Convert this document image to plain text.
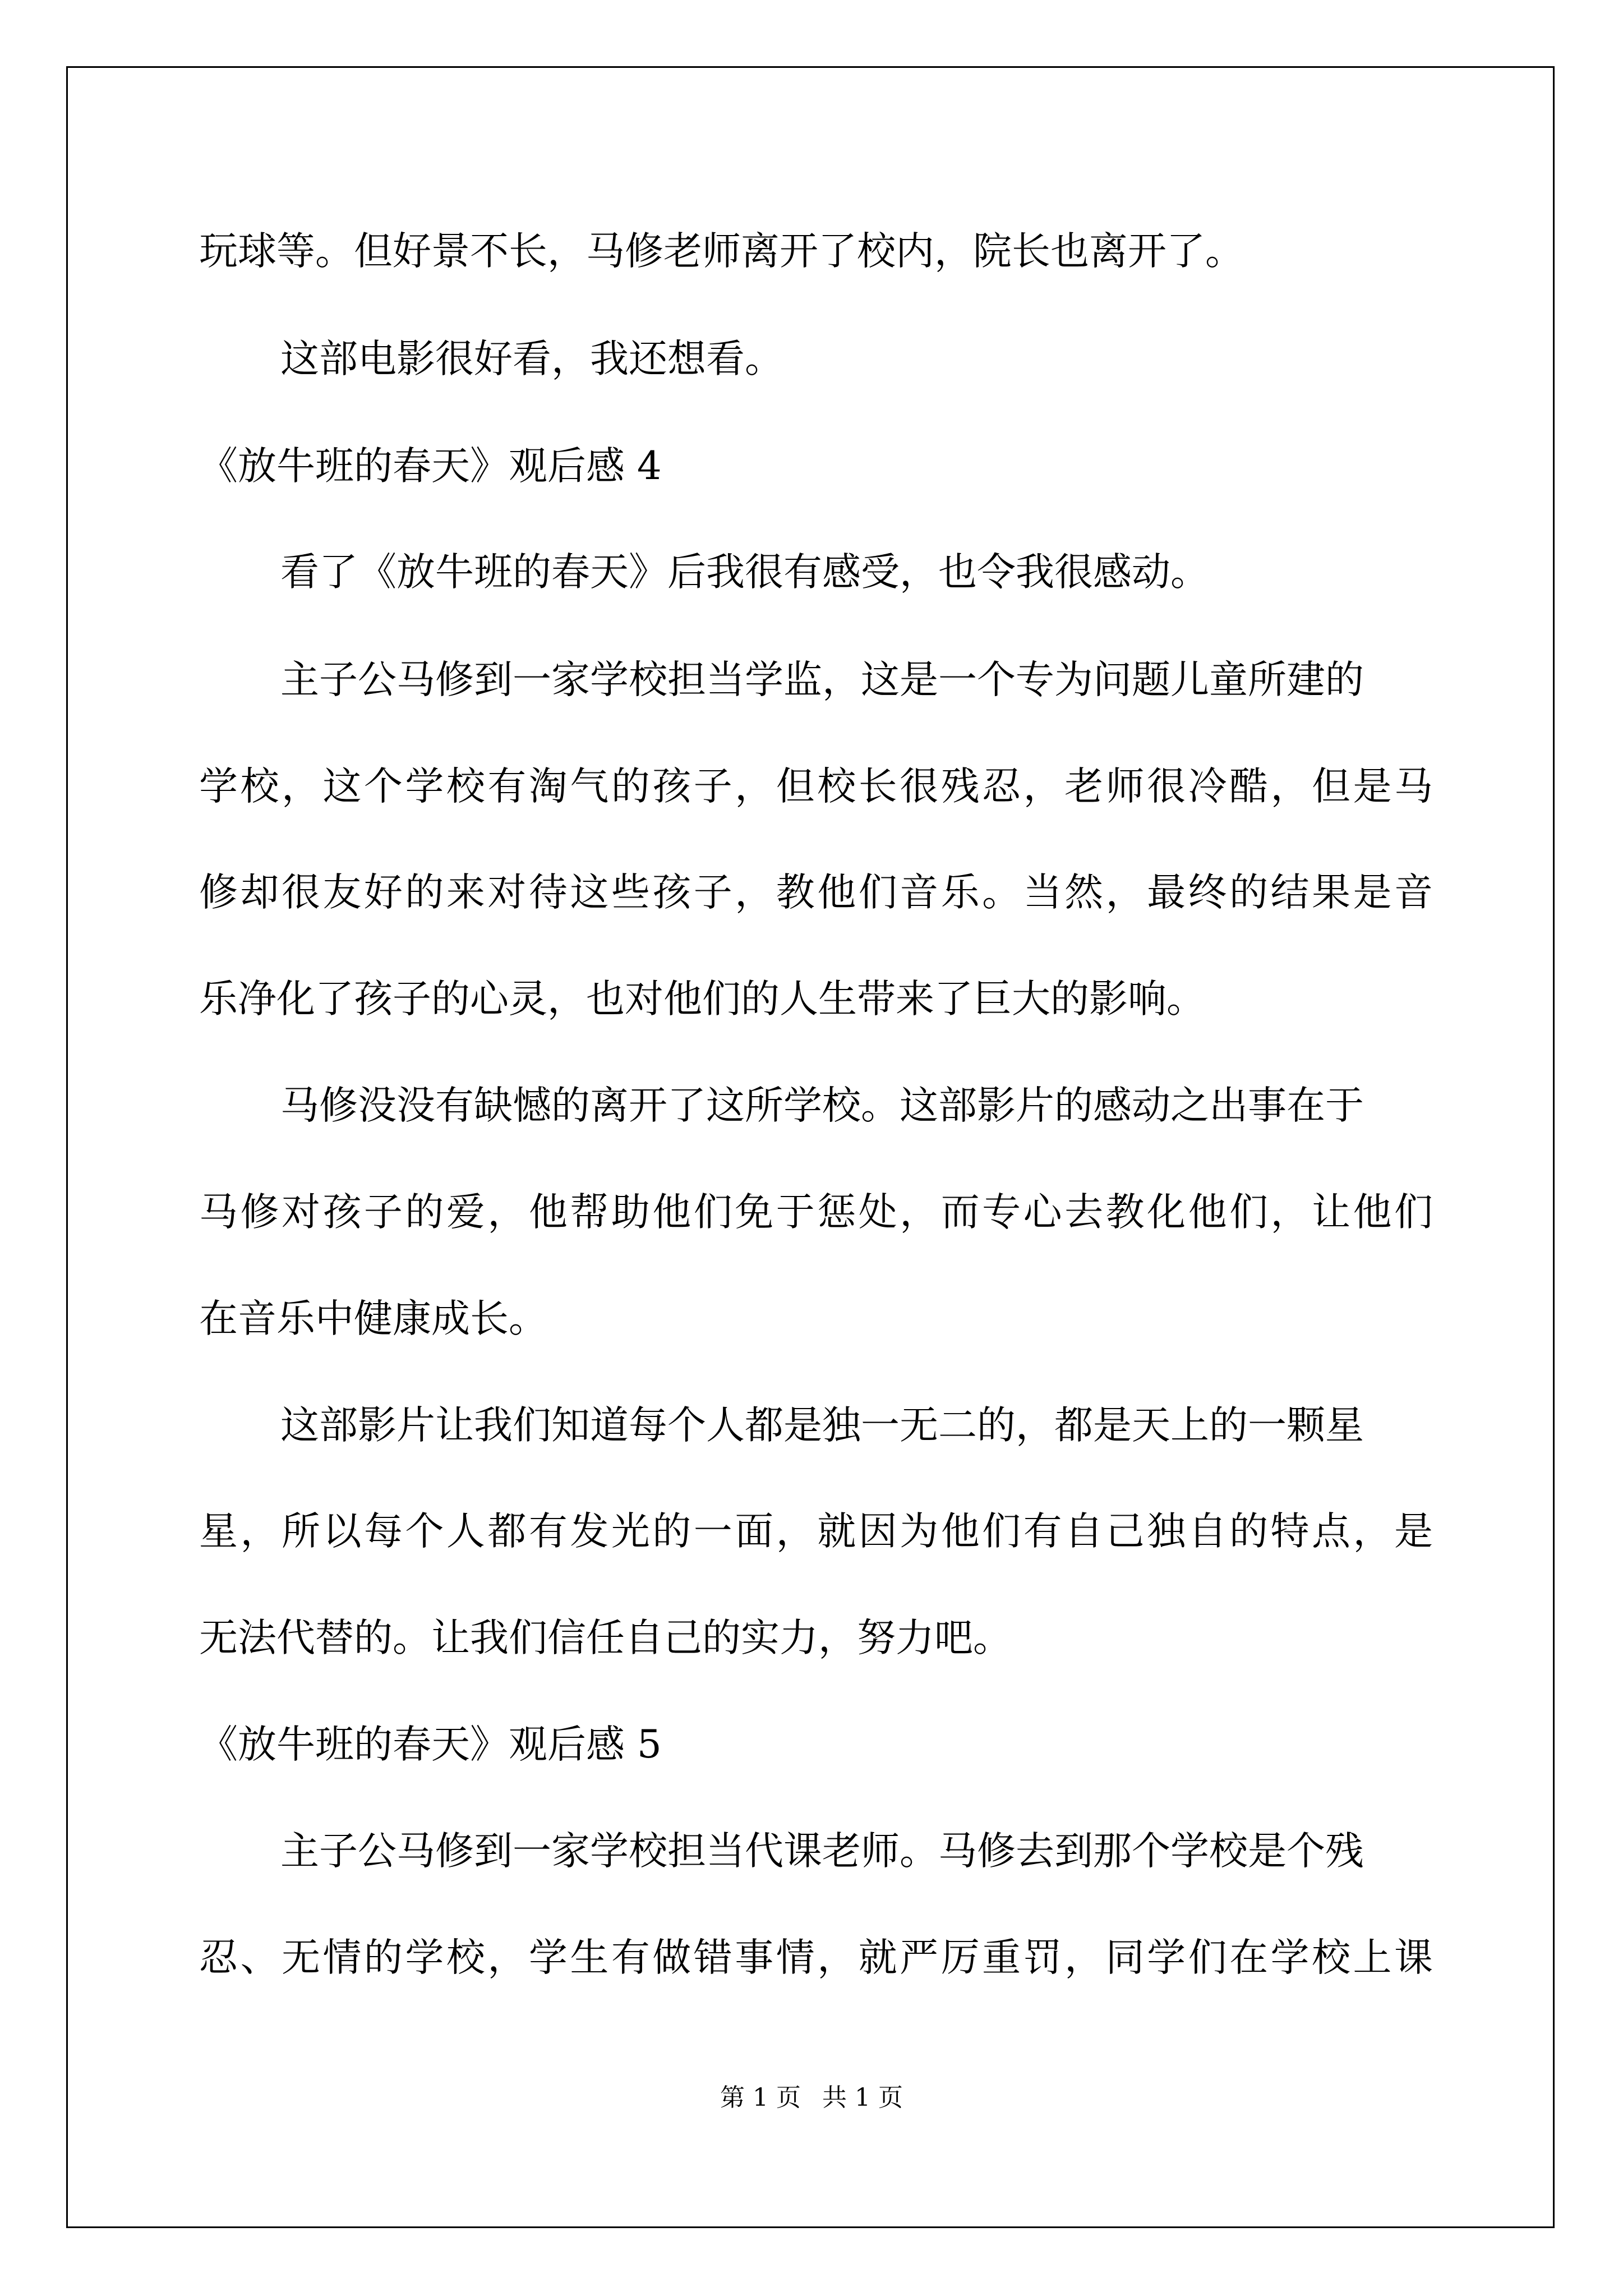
玩球等。但好景不长，马修老师离开了校内，院长也离开了。
这部电影很好看，我还想看。
《放牛班的春天》观后感 4
看了《放牛班的春天》后我很有感受，也令我很感动。
主子公马修到一家学校担当学监，这是一个专为问题儿童所建的
学校，这个学校有淘气的孩子，但校长很残忍，老师很冷酷，但是马
修却很友好的来对待这些孩子，教他们音乐。当然，最终的结果是音
乐净化了孩子的心灵，也对他们的人生带来了巨大的影响。
马修没没有缺憾的离开了这所学校。这部影片的感动之出事在于
马修对孩子的爱，他帮助他们免于惩处，而专心去教化他们，让他们
在音乐中健康成长。
这部影片让我们知道每个人都是独一无二的，都是天上的一颗星
星，所以每个人都有发光的一面，就因为他们有自己独自的特点，是
无法代替的。让我们信任自己的实力，努力吧。
《放牛班的春天》观后感 5
主子公马修到一家学校担当代课老师。马修去到那个学校是个残
忍、无情的学校，学生有做错事情，就严厉重罚，同学们在学校上课
第 1 页 共 1 页
